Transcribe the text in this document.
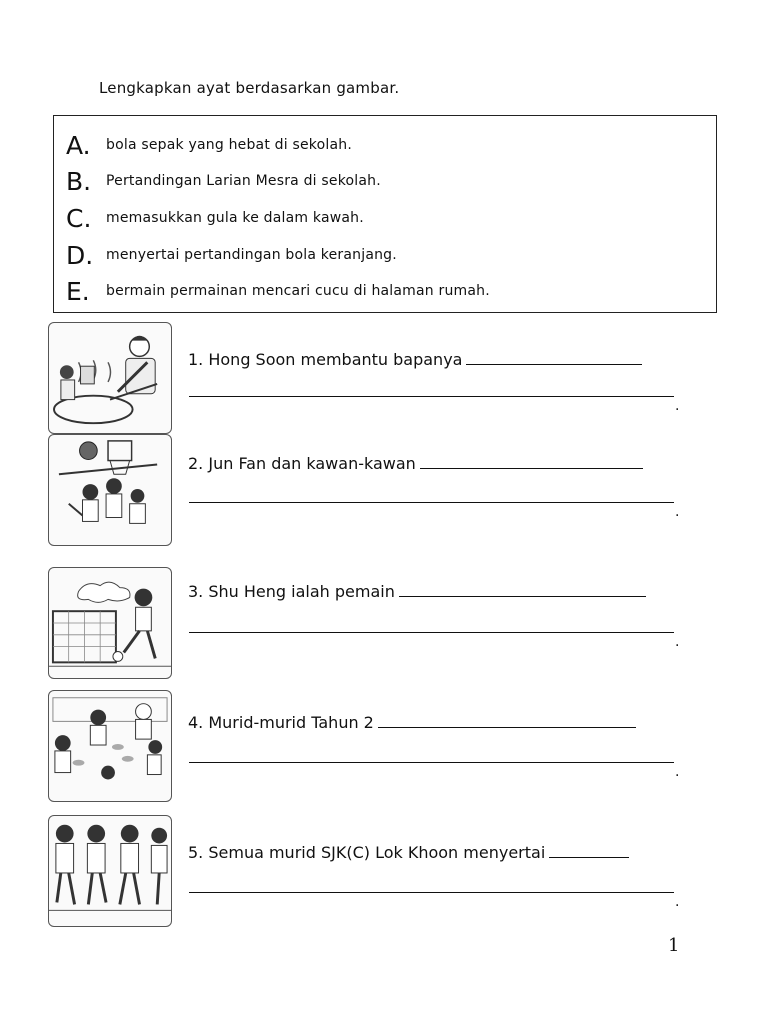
Lengkapkan ayat berdasarkan gambar.
A.	bola sepak yang hebat di sekolah.
B.	Pertandingan Larian Mesra di sekolah.
C.	memasukkan gula ke dalam kawah.
D. menyertai pertandingan bola keranjang.
E.	bermain permainan mencari cucu di halaman rumah.
1. Hong Soon membantu bapanya
.
2. Jun Fan dan kawan-kawan
.
3. Shu Heng ialah pemain
.
4. Murid-murid Tahun 2
.
5. Semua murid SJK(C) Lok Khoon menyertai
.
1
